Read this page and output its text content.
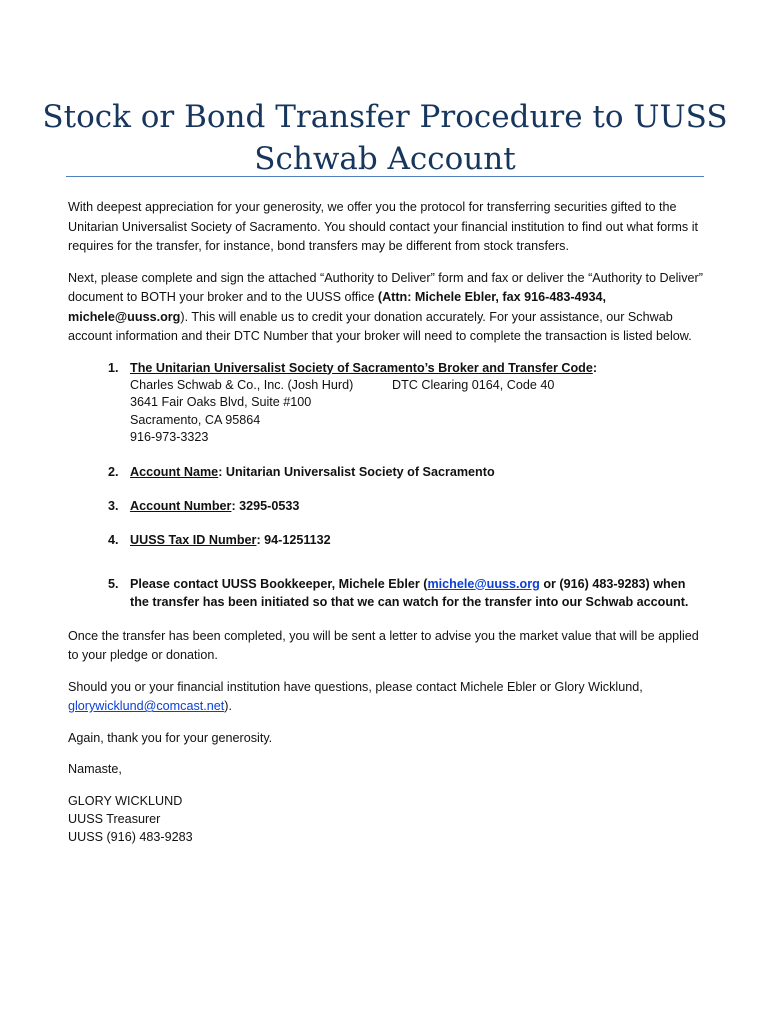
Stock or Bond Transfer Procedure to UUSS
Schwab Account

With deepest appreciation for your generosity, we offer you the protocol for transferring securities gifted to the Unitarian Universalist Society of Sacramento. You should contact your financial institution to find out what forms it requires for the transfer, for instance, bond transfers may be different from stock transfers.

Next, please complete and sign the attached “Authority to Deliver” form and fax or deliver the “Authority to Deliver” document to BOTH your broker and to the UUSS office (Attn: Michele Ebler, fax 916-483-4934, michele@uuss.org). This will enable us to credit your donation accurately. For your assistance, our Schwab account information and their DTC Number that your broker will need to complete the transaction is listed below.

1. The Unitarian Universalist Society of Sacramento’s Broker and Transfer Code:
Charles Schwab & Co., Inc. (Josh Hurd)	DTC Clearing 0164, Code 40
3641 Fair Oaks Blvd, Suite #100
Sacramento, CA 95864
916-973-3323
2. Account Name: Unitarian Universalist Society of Sacramento
3. Account Number: 3295-0533
4. UUSS Tax ID Number: 94-1251132
5. Please contact UUSS Bookkeeper, Michele Ebler (michele@uuss.org or (916) 483-9283) when the transfer has been initiated so that we can watch for the transfer into our Schwab account.

Once the transfer has been completed, you will be sent a letter to advise you the market value that will be applied to your pledge or donation.

Should you or your financial institution have questions, please contact Michele Ebler or Glory Wicklund, glorywicklund@comcast.net).

Again, thank you for your generosity.

Namaste,

GLORY WICKLUND
UUSS Treasurer
UUSS (916) 483-9283
